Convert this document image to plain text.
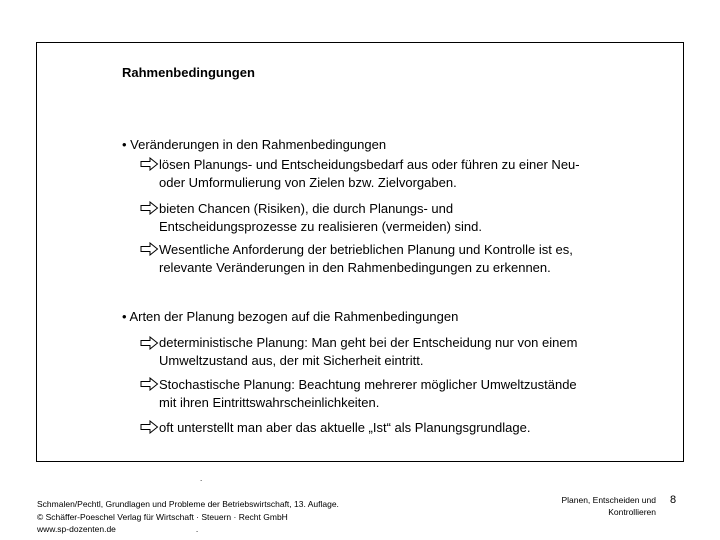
Rahmenbedingungen
• Veränderungen in den Rahmenbedingungen
lösen Planungs- und Entscheidungsbedarf aus oder führen zu einer Neu-
oder Umformulierung von Zielen bzw. Zielvorgaben.
bieten Chancen (Risiken), die durch Planungs- und
Entscheidungsprozesse zu realisieren (vermeiden) sind.
Wesentliche Anforderung der betrieblichen Planung und Kontrolle ist es,
relevante Veränderungen in den Rahmenbedingungen zu erkennen.
• Arten der Planung bezogen auf die Rahmenbedingungen
deterministische Planung: Man geht bei der Entscheidung nur von einem
Umweltzustand aus, der mit Sicherheit eintritt.
Stochastische Planung: Beachtung mehrerer möglicher Umweltzustände
mit ihren Eintrittswahrscheinlichkeiten.
oft unterstellt man aber das aktuelle „Ist“ als Planungsgrundlage.
.
Schmalen/Pechtl, Grundlagen und Probleme der Betriebswirtschaft, 13. Auflage.
© Schäffer-Poeschel Verlag für Wirtschaft · Steuern · Recht GmbH
www.sp-dozenten.de	.
Planen, Entscheiden und
Kontrollieren
8
